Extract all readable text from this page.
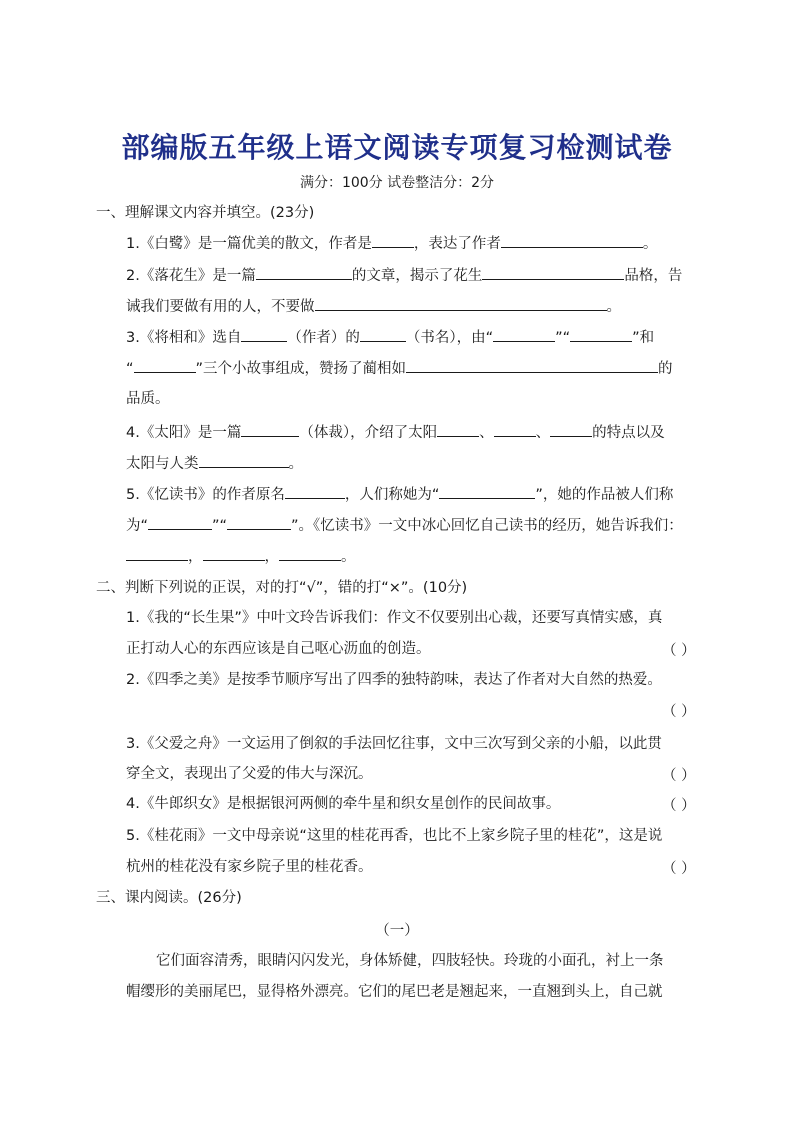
部编版五年级上语文阅读专项复习检测试卷
满分：100分 试卷整洁分：2分
一、理解课文内容并填空。(23分)
1.《白鹭》是一篇优美的散文，作者是	，表达了作者	。
2.《落花生》是一篇	的文章，揭示了花生	品格，告
诫我们要做有用的人，不要做	。
3.《将相和》选自	（作者）的	（书名），由“	”“	”和
“	”三个小故事组成，赞扬了蔺相如	的
品质。
4.《太阳》是一篇	（体裁），介绍了太阳	、	、	的特点以及
太阳与人类	。
5.《忆读书》的作者原名	，人们称她为“	”，她的作品被人们称
为“	”“	”。《忆读书》一文中冰心回忆自己读书的经历，她告诉我们：
，	，	。
二、判断下列说的正误，对的打“√”，错的打“×”。(10分)
1.《我的“长生果”》中叶文玲告诉我们：作文不仅要别出心裁，还要写真情实感，真
正打动人心的东西应该是自己呕心沥血的创造。	（ ）
2.《四季之美》是按季节顺序写出了四季的独特韵味，表达了作者对大自然的热爱。
（ ）
3.《父爱之舟》一文运用了倒叙的手法回忆往事，文中三次写到父亲的小船，以此贯
穿全文，表现出了父爱的伟大与深沉。	（ ）
4.《牛郎织女》是根据银河两侧的牵牛星和织女星创作的民间故事。	（ ）
5.《桂花雨》一文中母亲说“这里的桂花再香，也比不上家乡院子里的桂花”，这是说
杭州的桂花没有家乡院子里的桂花香。	（ ）
三、课内阅读。(26分)
（一）
它们面容清秀，眼睛闪闪发光，身体矫健，四肢轻快。玲珑的小面孔，衬上一条
帽缨形的美丽尾巴，显得格外漂亮。它们的尾巴老是翘起来，一直翘到头上，自己就
